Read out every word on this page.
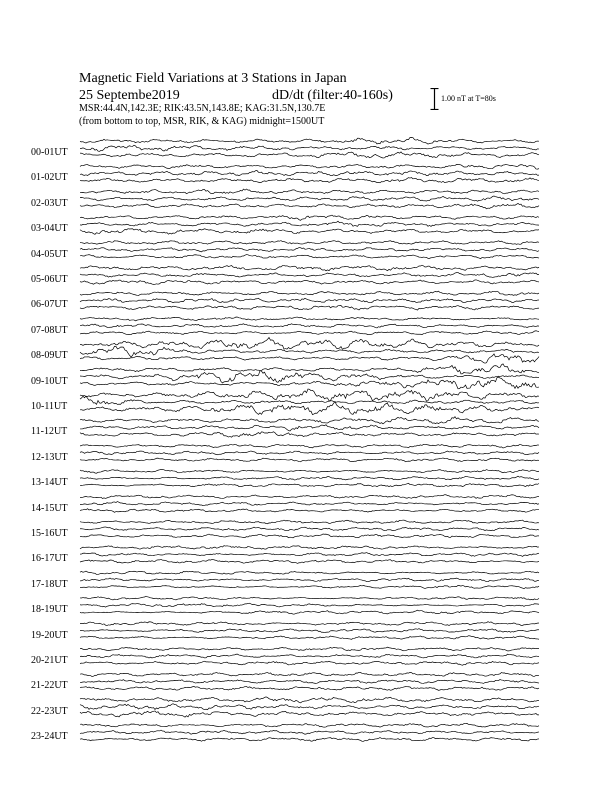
Magnetic Field Variations at 3 Stations in Japan
25 Septembe2019	dD/dt (filter:40-160s)
MSR:44.4N,142.3E; RIK:43.5N,143.8E; KAG:31.5N,130.7E
(from bottom to top, MSR, RIK, & KAG) midnight=1500UT
1.00 nT at T=80s
00-01UT
01-02UT
02-03UT
03-04UT
04-05UT
05-06UT
06-07UT
07-08UT
08-09UT
09-10UT
10-11UT
11-12UT
12-13UT
13-14UT
14-15UT
15-16UT
16-17UT
17-18UT
18-19UT
19-20UT
20-21UT
21-22UT
22-23UT
23-24UT
